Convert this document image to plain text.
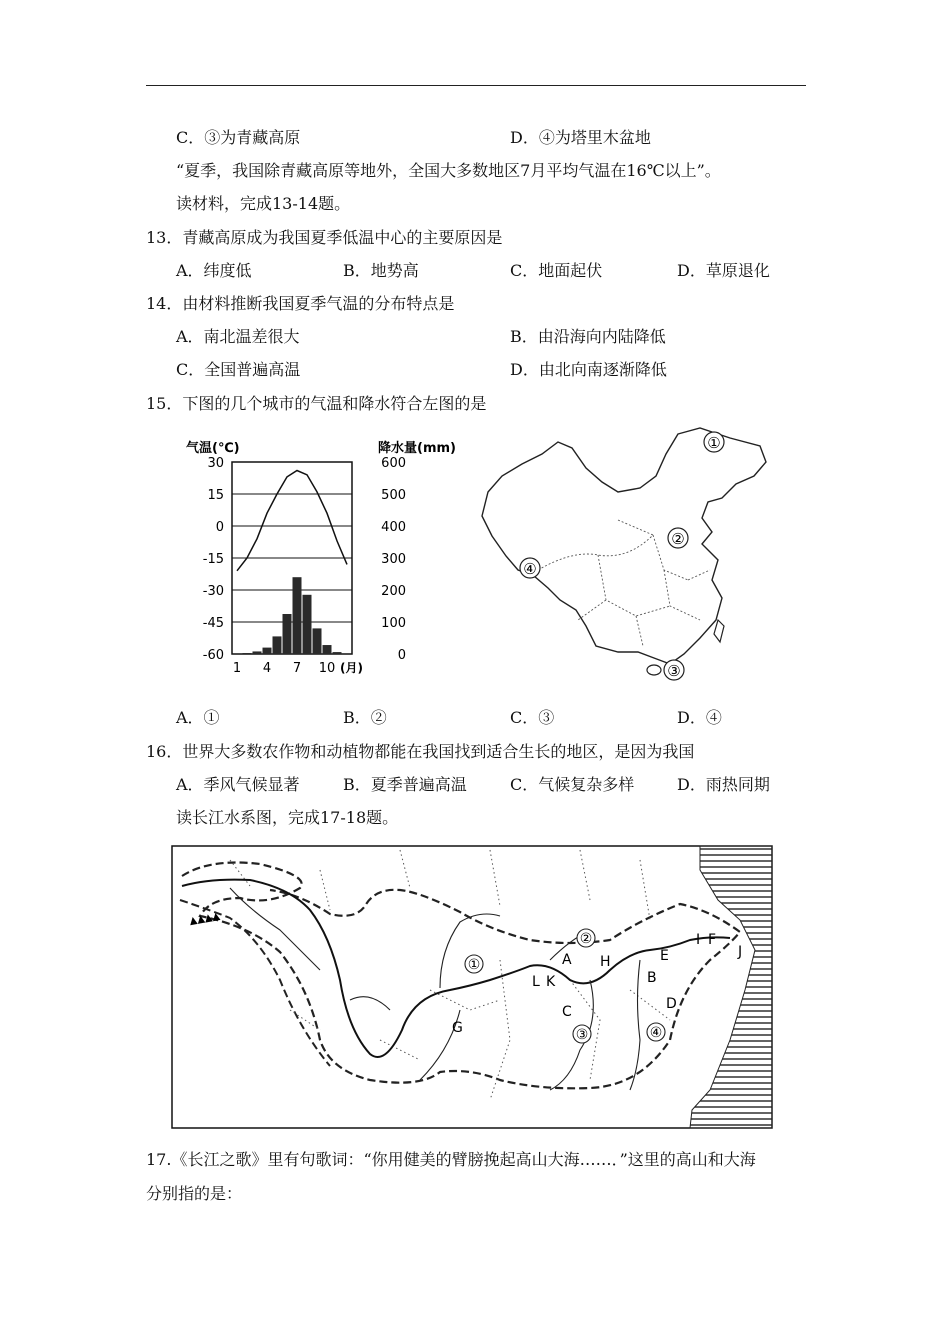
C．③为青藏高原	D．④为塔里木盆地
“夏季，我国除青藏高原等地外，全国大多数地区7月平均气温在16℃以上”。
读材料，完成13-14题。
13．青藏高原成为我国夏季低温中心的主要原因是
A．纬度低	B．地势高	C．地面起伏	D．草原退化
14．由材料推断我国夏季气温的分布特点是
A．南北温差很大	B．由沿海向内陆降低
C．全国普遍高温	D．由北向南逐渐降低
15．下图的几个城市的气温和降水符合左图的是
气温(℃)	降水量(mm)
30
15
0
-15
-30
-45
-60
600
500
400
300
200
100
0
1 4 7 10 (月)
①
②
③
④
A．①	B．②	C．③	D．④
16．世界大多数农作物和动植物都能在我国找到适合生长的地区，是因为我国
A．季风气候显著	B．夏季普遍高温	C．气候复杂多样	D．雨热同期
读长江水系图，完成17-18题。
▲▲▲▲
A
B
C	D
E
F
G
H
I
J
K
L
①
②
③	④
17.《长江之歌》里有句歌词：“你用健美的臂膀挽起高山大海……．”这里的高山和大海
分别指的是：
